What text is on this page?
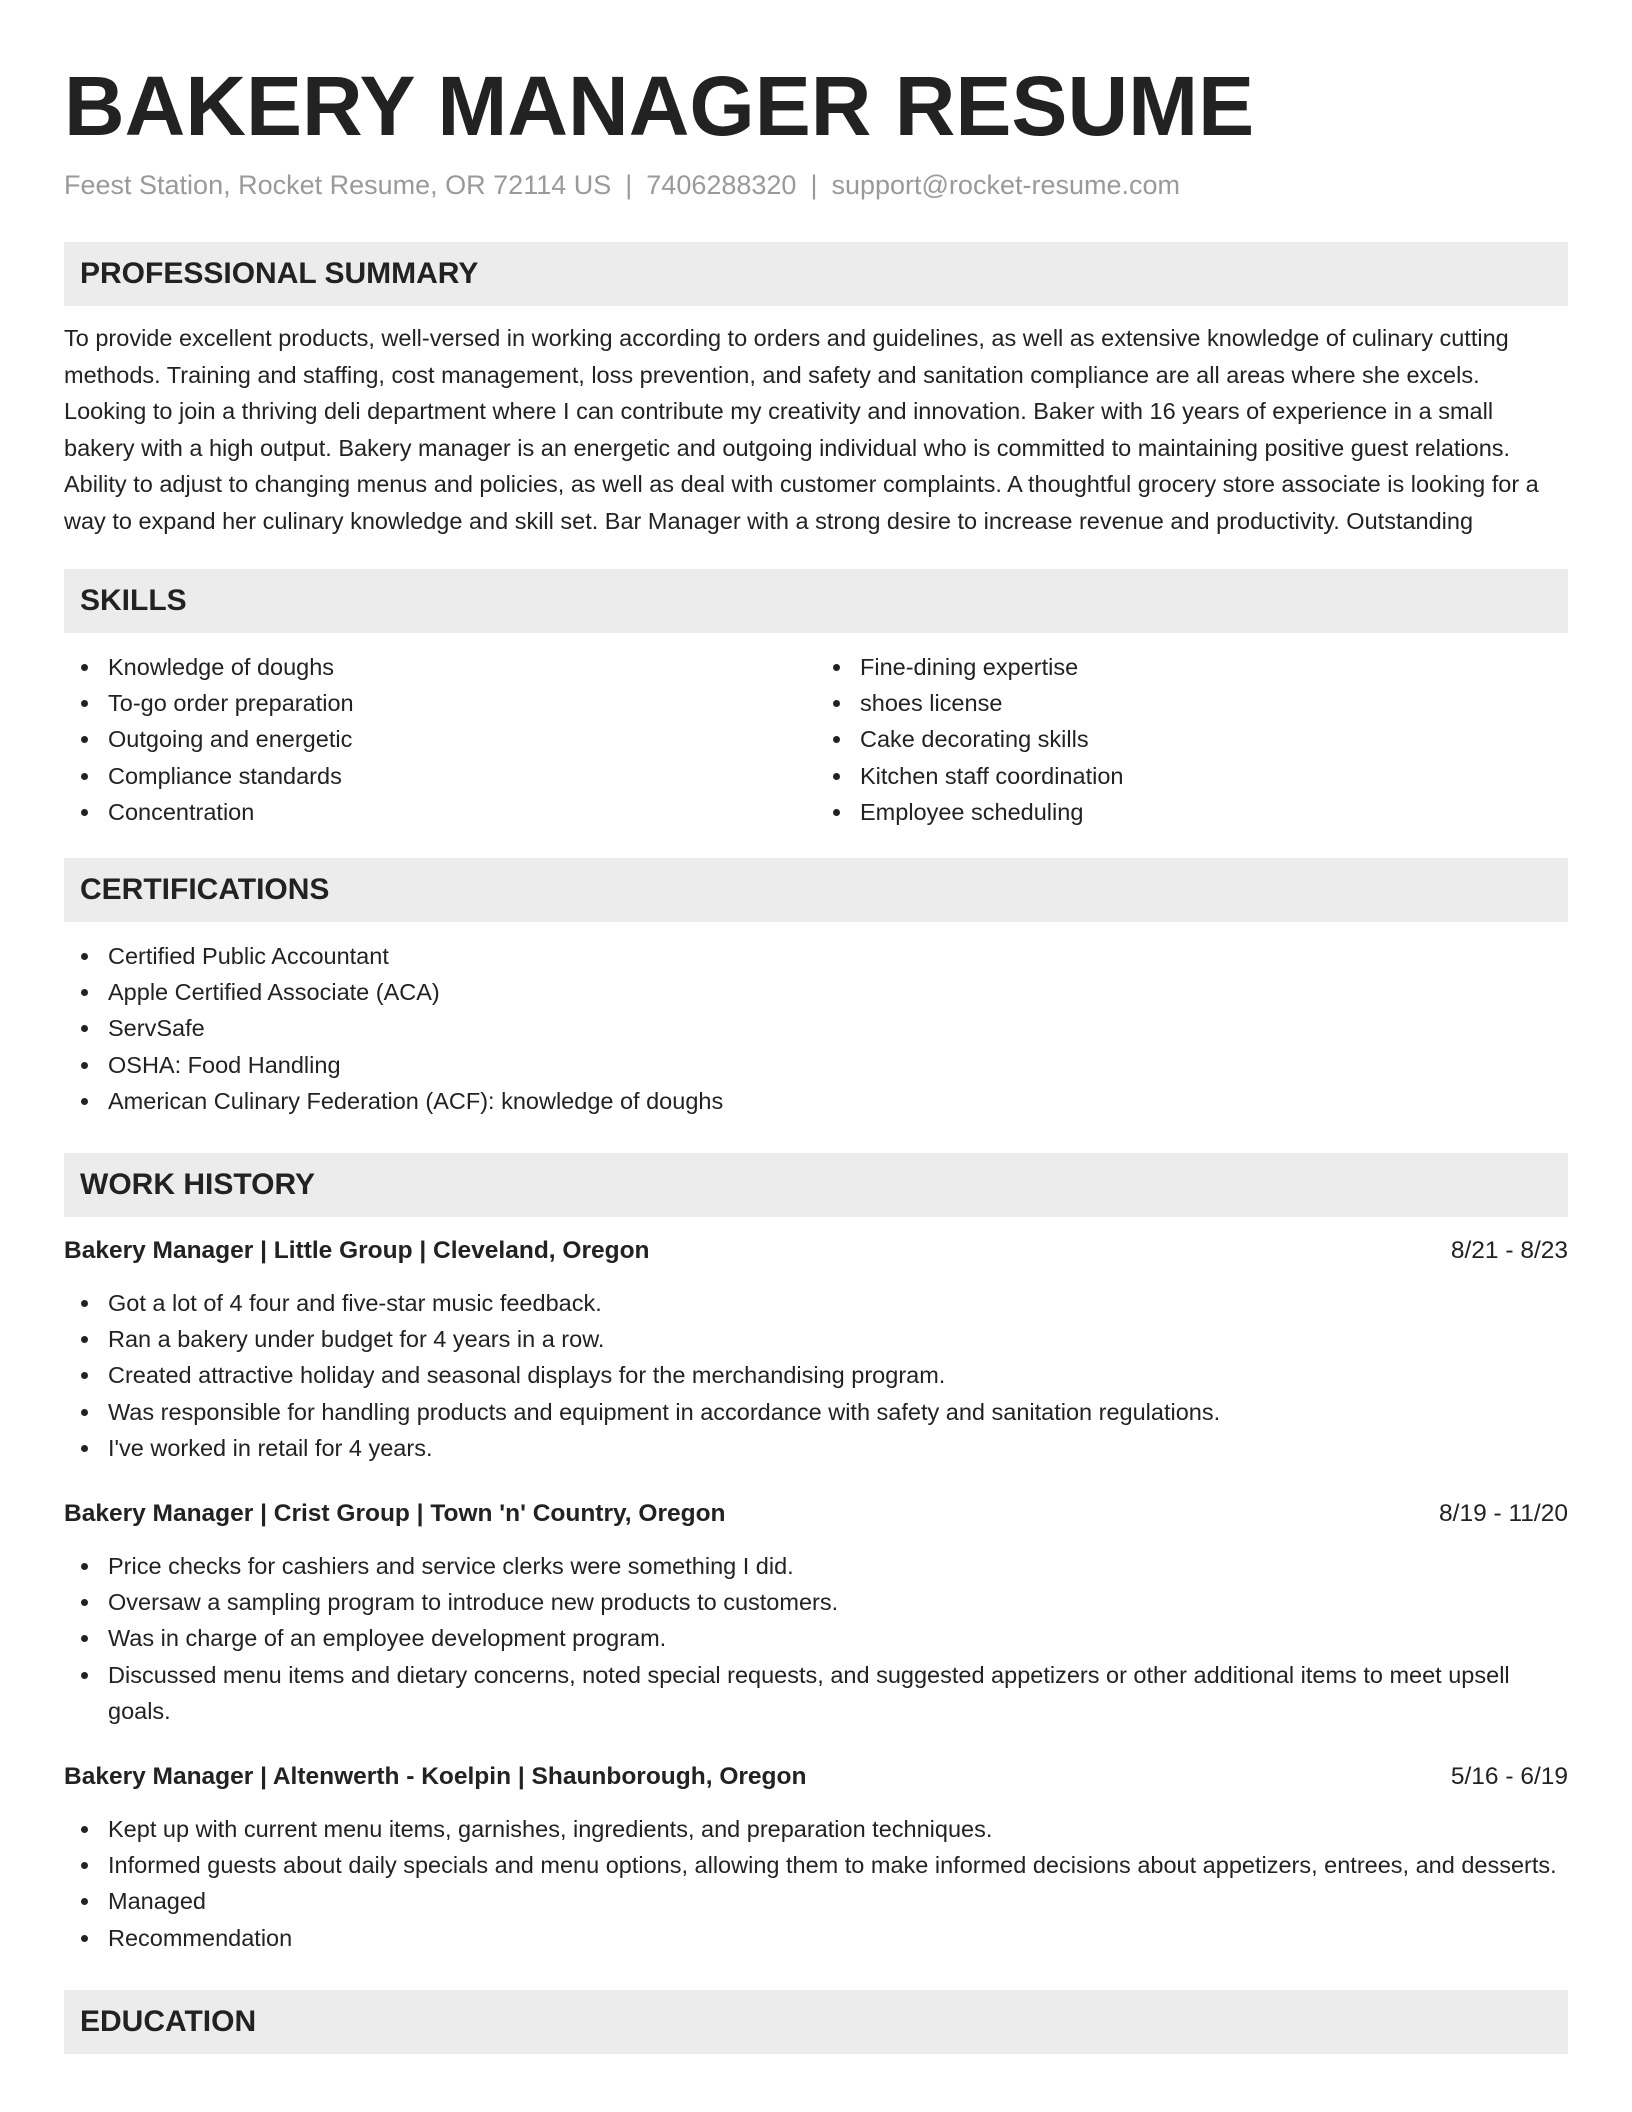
BAKERY MANAGER RESUME
Feest Station, Rocket Resume, OR 72114 US | 7406288320 | support@rocket-resume.com
PROFESSIONAL SUMMARY
To provide excellent products, well-versed in working according to orders and guidelines, as well as extensive knowledge of culinary cutting methods. Training and staffing, cost management, loss prevention, and safety and sanitation compliance are all areas where she excels. Looking to join a thriving deli department where I can contribute my creativity and innovation. Baker with 16 years of experience in a small bakery with a high output. Bakery manager is an energetic and outgoing individual who is committed to maintaining positive guest relations. Ability to adjust to changing menus and policies, as well as deal with customer complaints. A thoughtful grocery store associate is looking for a way to expand her culinary knowledge and skill set. Bar Manager with a strong desire to increase revenue and productivity. Outstanding
SKILLS
Knowledge of doughs
To-go order preparation
Outgoing and energetic
Compliance standards
Concentration
Fine-dining expertise
shoes license
Cake decorating skills
Kitchen staff coordination
Employee scheduling
CERTIFICATIONS
Certified Public Accountant
Apple Certified Associate (ACA)
ServSafe
OSHA: Food Handling
American Culinary Federation (ACF): knowledge of doughs
WORK HISTORY
Bakery Manager | Little Group | Cleveland, Oregon	8/21 - 8/23
Got a lot of 4 four and five-star music feedback.
Ran a bakery under budget for 4 years in a row.
Created attractive holiday and seasonal displays for the merchandising program.
Was responsible for handling products and equipment in accordance with safety and sanitation regulations.
I've worked in retail for 4 years.
Bakery Manager | Crist Group | Town 'n' Country, Oregon	8/19 - 11/20
Price checks for cashiers and service clerks were something I did.
Oversaw a sampling program to introduce new products to customers.
Was in charge of an employee development program.
Discussed menu items and dietary concerns, noted special requests, and suggested appetizers or other additional items to meet upsell goals.
Bakery Manager | Altenwerth - Koelpin | Shaunborough, Oregon	5/16 - 6/19
Kept up with current menu items, garnishes, ingredients, and preparation techniques.
Informed guests about daily specials and menu options, allowing them to make informed decisions about appetizers, entrees, and desserts.
Managed
Recommendation
EDUCATION
